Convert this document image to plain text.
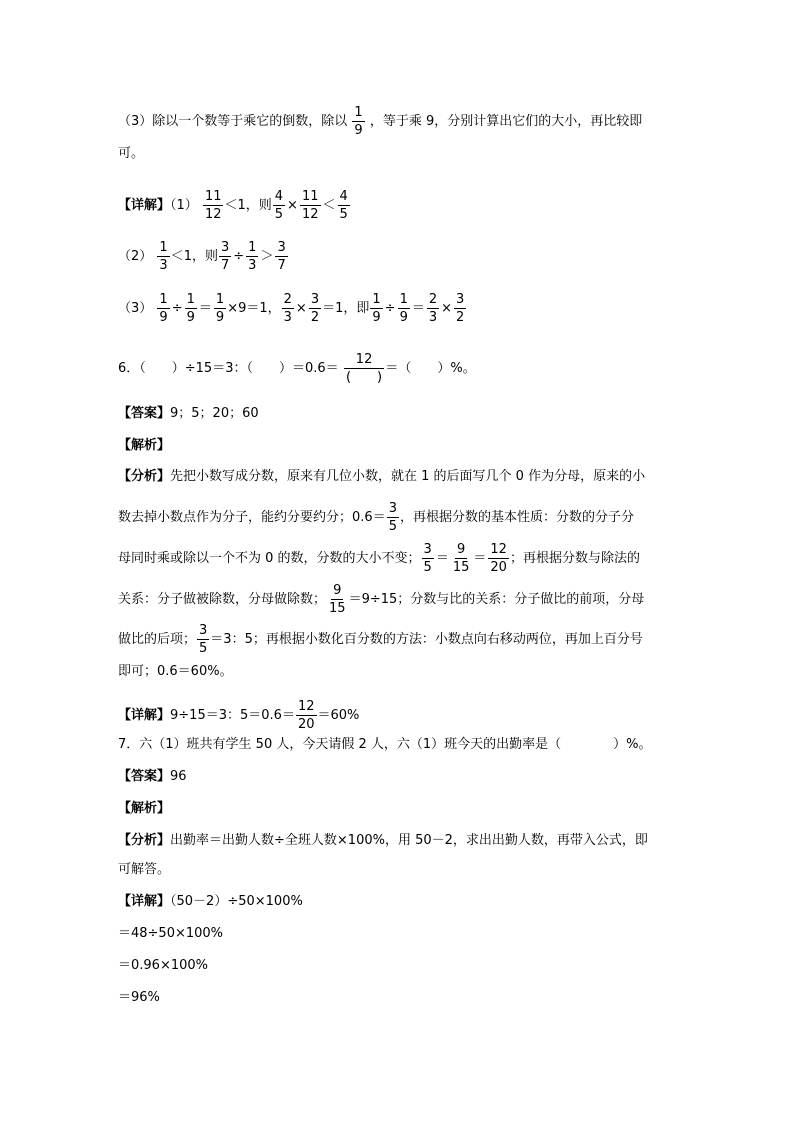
（3）除以一个数等于乘它的倒数，除以 $\frac{1}{9}$ ，等于乘 9，分别计算出它们的大小，再比较即
可。
【详解】$(1) \frac{11}{12} <1$，则 $\frac{4}{5} \times \frac{11}{12} < \frac{4}{5}$
$(2) \frac{1}{3} <1$，则 $\frac{3}{7} \div \frac{1}{3} > \frac{3}{7}$
$(3) \frac{1}{9} \div \frac{1}{9} = \frac{1}{9} \times 9=1$， $\frac{2}{3} \times \frac{3}{2} =1$，即 $\frac{1}{9} \div \frac{1}{9} = \frac{2}{3} \times \frac{3}{2}$
6．（　　）÷15＝3：（　　）$=0.6= \frac{12}{( )}$ ＝（　　）%。
【答案】9；5；20；60
【解析】
【分析】先把小数写成分数，原来有几位小数，就在 1 的后面写几个 0 作为分母，原来的小
数去掉小数点作为分子，能约分要约分；$0.6= \frac{3}{5}$ ，再根据分数的基本性质：分数的分子分
母同时乘或除以一个不为 0 的数，分数的大小不变； $\frac{3}{5} = \frac{9}{15} = \frac{12}{20}$ ；再根据分数与除法的
关系：分子做被除数，分母做除数； $\frac{9}{15} =9\div 15$；分数与比的关系：分子做比的前项，分母
做比的后项； $\frac{3}{5} =3$：5；再根据小数化百分数的方法：小数点向右移动两位，再加上百分号
即可；0.6＝60%。
【详解】9÷15＝3：$5=0.6= \frac{12}{20} =60\%$
7．六（1）班共有学生 50 人，今天请假 2 人，六（1）班今天的出勤率是（　　　　）%。
【答案】96
【解析】
【分析】出勤率＝出勤人数÷全班人数×100%，用 50－2，求出出勤人数，再带入公式，即
可解答。
【详解】（50－2）÷50×100%
＝48÷50×100%
＝0.96×100%
＝96%
